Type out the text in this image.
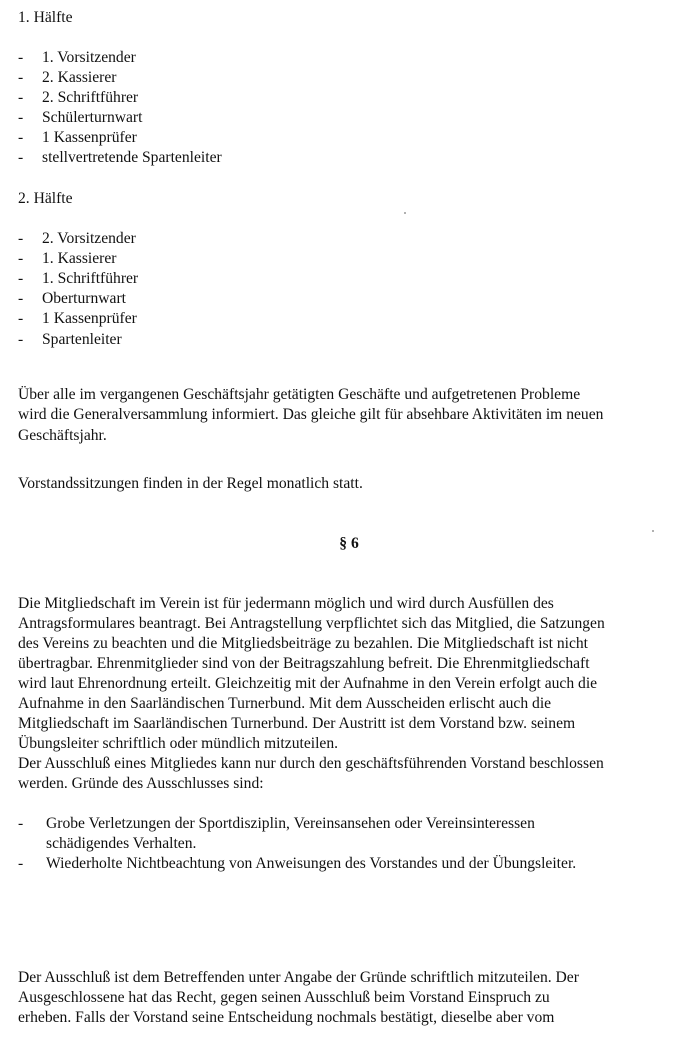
1. Hälfte
- 1. Vorsitzender
- 2. Kassierer
- 2. Schriftführer
- Schülerturnwart
- 1 Kassenprüfer
- stellvertretende Spartenleiter
2. Hälfte
- 2. Vorsitzender
- 1. Kassierer
- 1. Schriftführer
- Oberturnwart
- 1 Kassenprüfer
- Spartenleiter
Über alle im vergangenen Geschäftsjahr getätigten Geschäfte und aufgetretenen Probleme
wird die Generalversammlung informiert. Das gleiche gilt für absehbare Aktivitäten im neuen
Geschäftsjahr.
Vorstandssitzungen finden in der Regel monatlich statt.
§ 6
Die Mitgliedschaft im Verein ist für jedermann möglich und wird durch Ausfüllen des
Antragsformulares beantragt. Bei Antragstellung verpflichtet sich das Mitglied, die Satzungen
des Vereins zu beachten und die Mitgliedsbeiträge zu bezahlen. Die Mitgliedschaft ist nicht
übertragbar. Ehrenmitglieder sind von der Beitragszahlung befreit. Die Ehrenmitgliedschaft
wird laut Ehrenordnung erteilt. Gleichzeitig mit der Aufnahme in den Verein erfolgt auch die
Aufnahme in den Saarländischen Turnerbund. Mit dem Ausscheiden erlischt auch die
Mitgliedschaft im Saarländischen Turnerbund. Der Austritt ist dem Vorstand bzw. seinem
Übungsleiter schriftlich oder mündlich mitzuteilen.
Der Ausschluß eines Mitgliedes kann nur durch den geschäftsführenden Vorstand beschlossen
werden. Gründe des Ausschlusses sind:
- Grobe Verletzungen der Sportdisziplin, Vereinsansehen oder Vereinsinteressen
schädigendes Verhalten.
- Wiederholte Nichtbeachtung von Anweisungen des Vorstandes und der Übungsleiter.
Der Ausschluß ist dem Betreffenden unter Angabe der Gründe schriftlich mitzuteilen. Der
Ausgeschlossene hat das Recht, gegen seinen Ausschluß beim Vorstand Einspruch zu
erheben. Falls der Vorstand seine Entscheidung nochmals bestätigt, dieselbe aber vom
